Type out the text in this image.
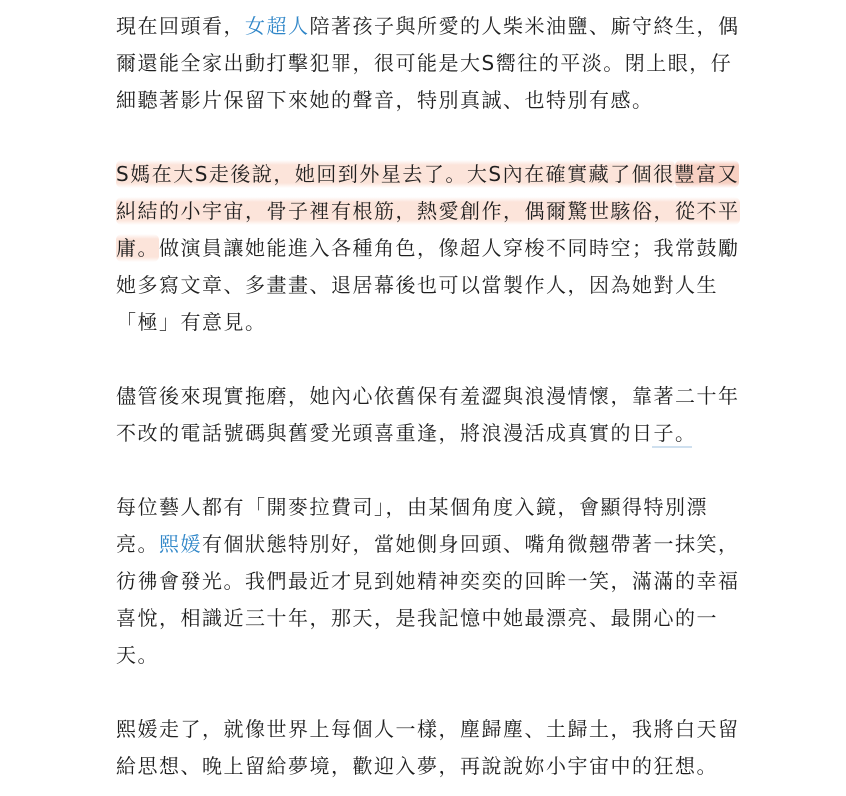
現在回頭看，女超人陪著孩子與所愛的人柴米油鹽、廝守終生，偶
爾還能全家出動打擊犯罪，很可能是大S嚮往的平淡。閉上眼，仔
細聽著影片保留下來她的聲音，特別真誠、也特別有感。
S媽在大S走後說，她回到外星去了。大S內在確實藏了個很豐富又
糾結的小宇宙，骨子裡有根筋，熱愛創作，偶爾驚世駭俗，從不平
庸。做演員讓她能進入各種角色，像超人穿梭不同時空；我常鼓勵
她多寫文章、多畫畫、退居幕後也可以當製作人，因為她對人生
「極」有意見。
儘管後來現實拖磨，她內心依舊保有羞澀與浪漫情懷，靠著二十年
不改的電話號碼與舊愛光頭喜重逢，將浪漫活成真實的日子。
每位藝人都有「開麥拉費司」，由某個角度入鏡，會顯得特別漂
亮。熙媛有個狀態特別好，當她側身回頭、嘴角微翹帶著一抹笑，
彷彿會發光。我們最近才見到她精神奕奕的回眸一笑，滿滿的幸福
喜悅，相識近三十年，那天，是我記憶中她最漂亮、最開心的一
天。
熙媛走了，就像世界上每個人一樣，塵歸塵、土歸土，我將白天留
給思想、晚上留給夢境，歡迎入夢，再說說妳小宇宙中的狂想。
